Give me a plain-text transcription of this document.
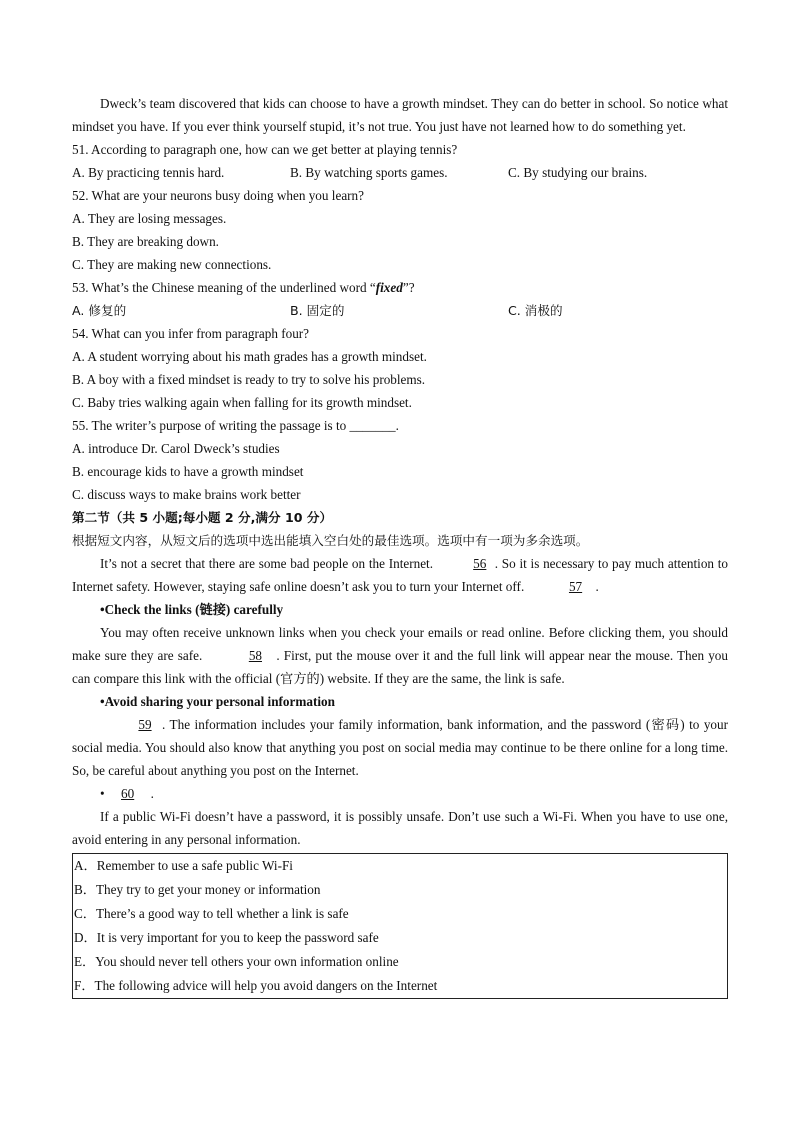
Dweck’s team discovered that kids can choose to have a growth mindset. They can do better in school. So notice what mindset you have. If you ever think yourself stupid, it’s not true. You just have not learned how to do something yet.

51. According to paragraph one, how can we get better at playing tennis?

A. By practicing tennis hard.	B. By watching sports games.	C. By studying our brains.

52. What are your neurons busy doing when you learn?

A. They are losing messages.

B. They are breaking down.

C. They are making new connections.

53. What’s the Chinese meaning of the underlined word “fixed”?

A. 修复的	B. 固定的	C. 消极的

54. What can you infer from paragraph four?

A. A student worrying about his math grades has a growth mindset.

B. A boy with a fixed mindset is ready to try to solve his problems.

C. Baby tries walking again when falling for its growth mindset.

55. The writer’s purpose of writing the passage is to _______.

A. introduce Dr. Carol Dweck’s studies

B. encourage kids to have a growth mindset

C. discuss ways to make brains work better

第二节（共 5 小题;每小题 2 分,满分 10 分）

根据短文内容，从短文后的选项中选出能填入空白处的最佳选项。选项中有一项为多余选项。

It’s not a secret that there are some bad people on the Internet.	56 . So it is necessary to pay much attention to Internet safety. However, staying safe online doesn’t ask you to turn your Internet off.	57 .

•Check the links (链接) carefully

You may often receive unknown links when you check your emails or read online. Before clicking them, you should make sure they are safe.	58 . First, put the mouse over it and the full link will appear near the mouse. Then you can compare this link with the official (官方的) website. If they are the same, the link is safe.

•Avoid sharing your personal information

59 . The information includes your family information, bank information, and the password (密码) to your social media. You should also know that anything you post on social media may continue to be there online for a long time. So, be careful about anything you post on the Internet.

• 60 .

If a public Wi-Fi doesn’t have a password, it is possibly unsafe. Don’t use such a Wi-Fi. When you have to use one, avoid entering in any personal information.

A．Remember to use a safe public Wi-Fi

B．They try to get your money or information

C．There’s a good way to tell whether a link is safe

D．It is very important for you to keep the password safe

E．You should never tell others your own information online

F．The following advice will help you avoid dangers on the Internet
